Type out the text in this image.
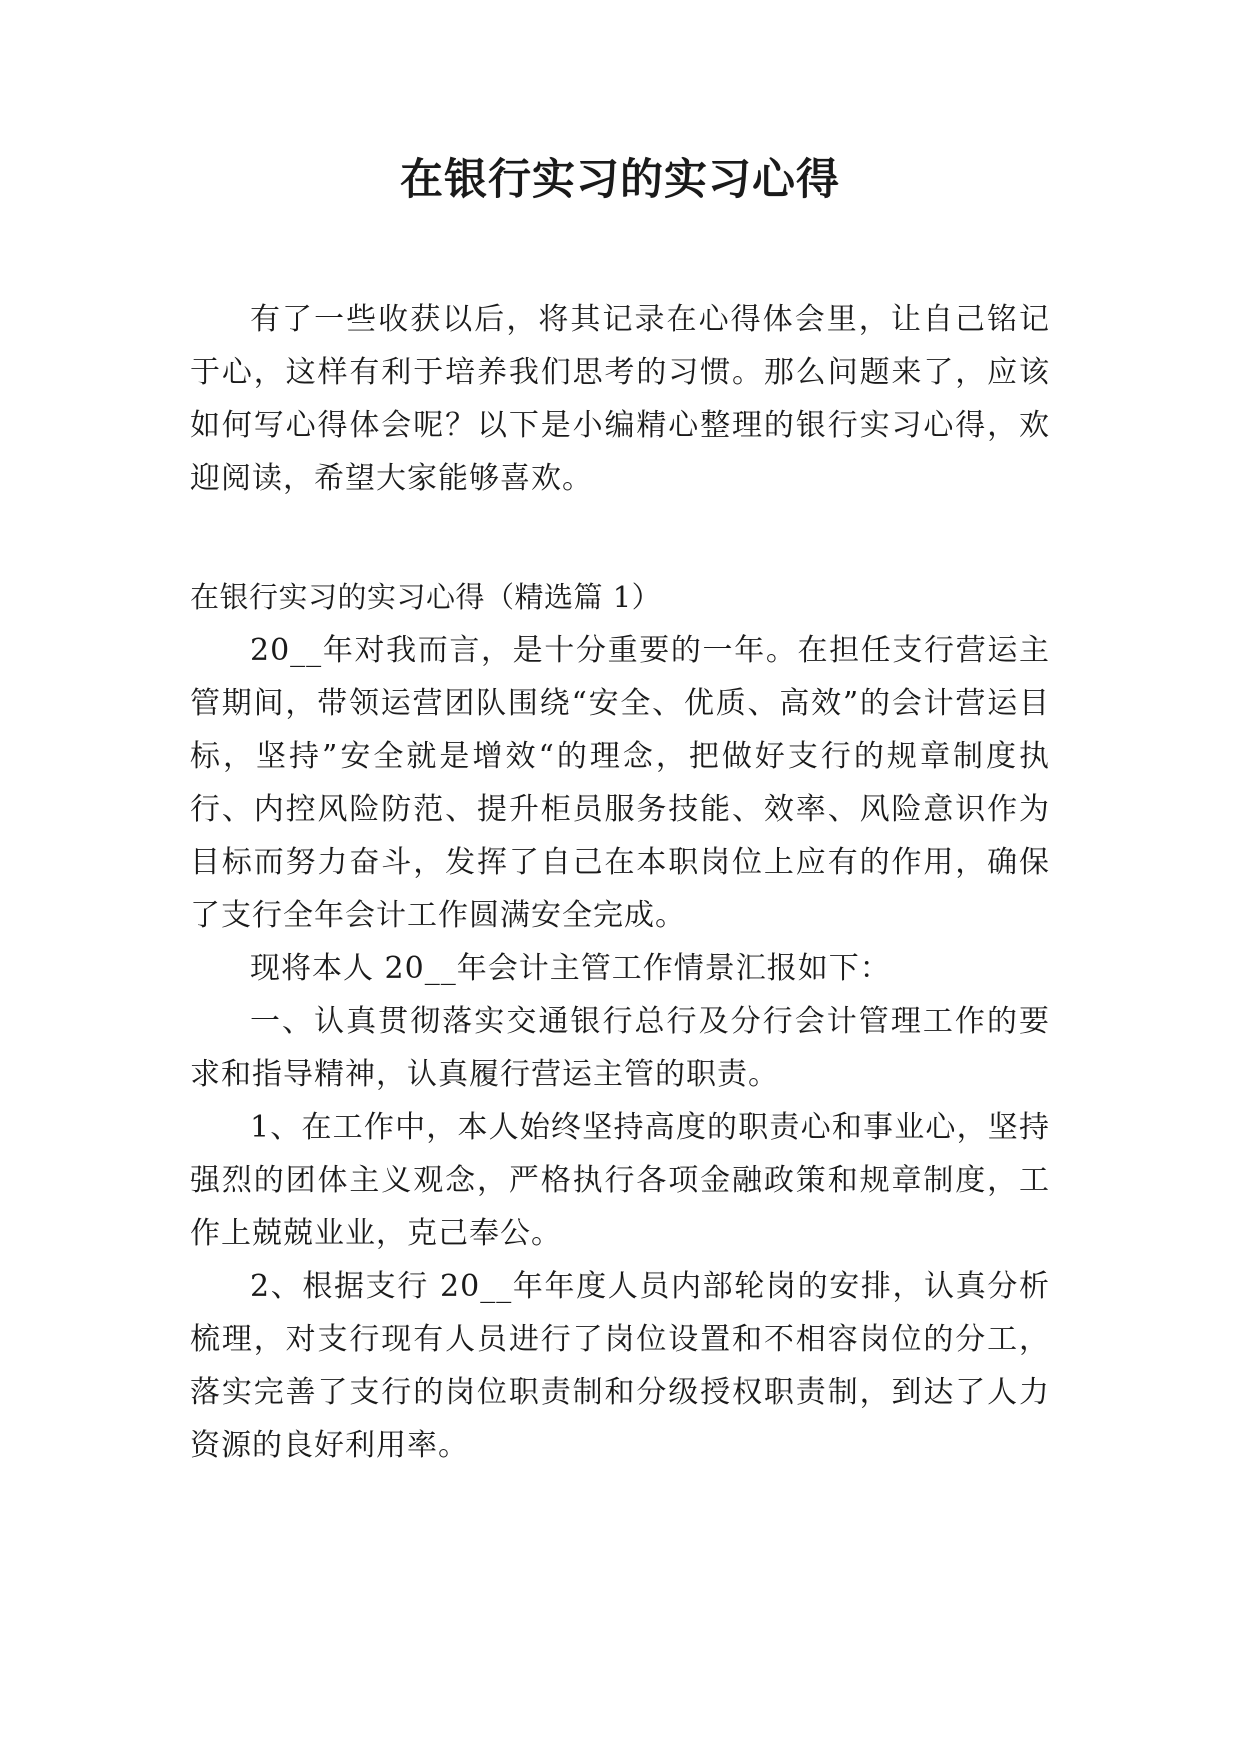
在银行实习的实习心得

有了一些收获以后，将其记录在心得体会里，让自己铭记于心，这样有利于培养我们思考的习惯。那么问题来了，应该如何写心得体会呢？以下是小编精心整理的银行实习心得，欢迎阅读，希望大家能够喜欢。

在银行实习的实习心得（精选篇 1）

20__年对我而言，是十分重要的一年。在担任支行营运主管期间，带领运营团队围绕“安全、优质、高效”的会计营运目标，坚持”安全就是增效“的理念，把做好支行的规章制度执行、内控风险防范、提升柜员服务技能、效率、风险意识作为目标而努力奋斗，发挥了自己在本职岗位上应有的作用，确保了支行全年会计工作圆满安全完成。

现将本人 20__年会计主管工作情景汇报如下：

一、认真贯彻落实交通银行总行及分行会计管理工作的要求和指导精神，认真履行营运主管的职责。

1、在工作中，本人始终坚持高度的职责心和事业心，坚持强烈的团体主义观念，严格执行各项金融政策和规章制度，工作上兢兢业业，克己奉公。

2、根据支行 20__年年度人员内部轮岗的安排，认真分析梳理，对支行现有人员进行了岗位设置和不相容岗位的分工，落实完善了支行的岗位职责制和分级授权职责制，到达了人力资源的良好利用率。
